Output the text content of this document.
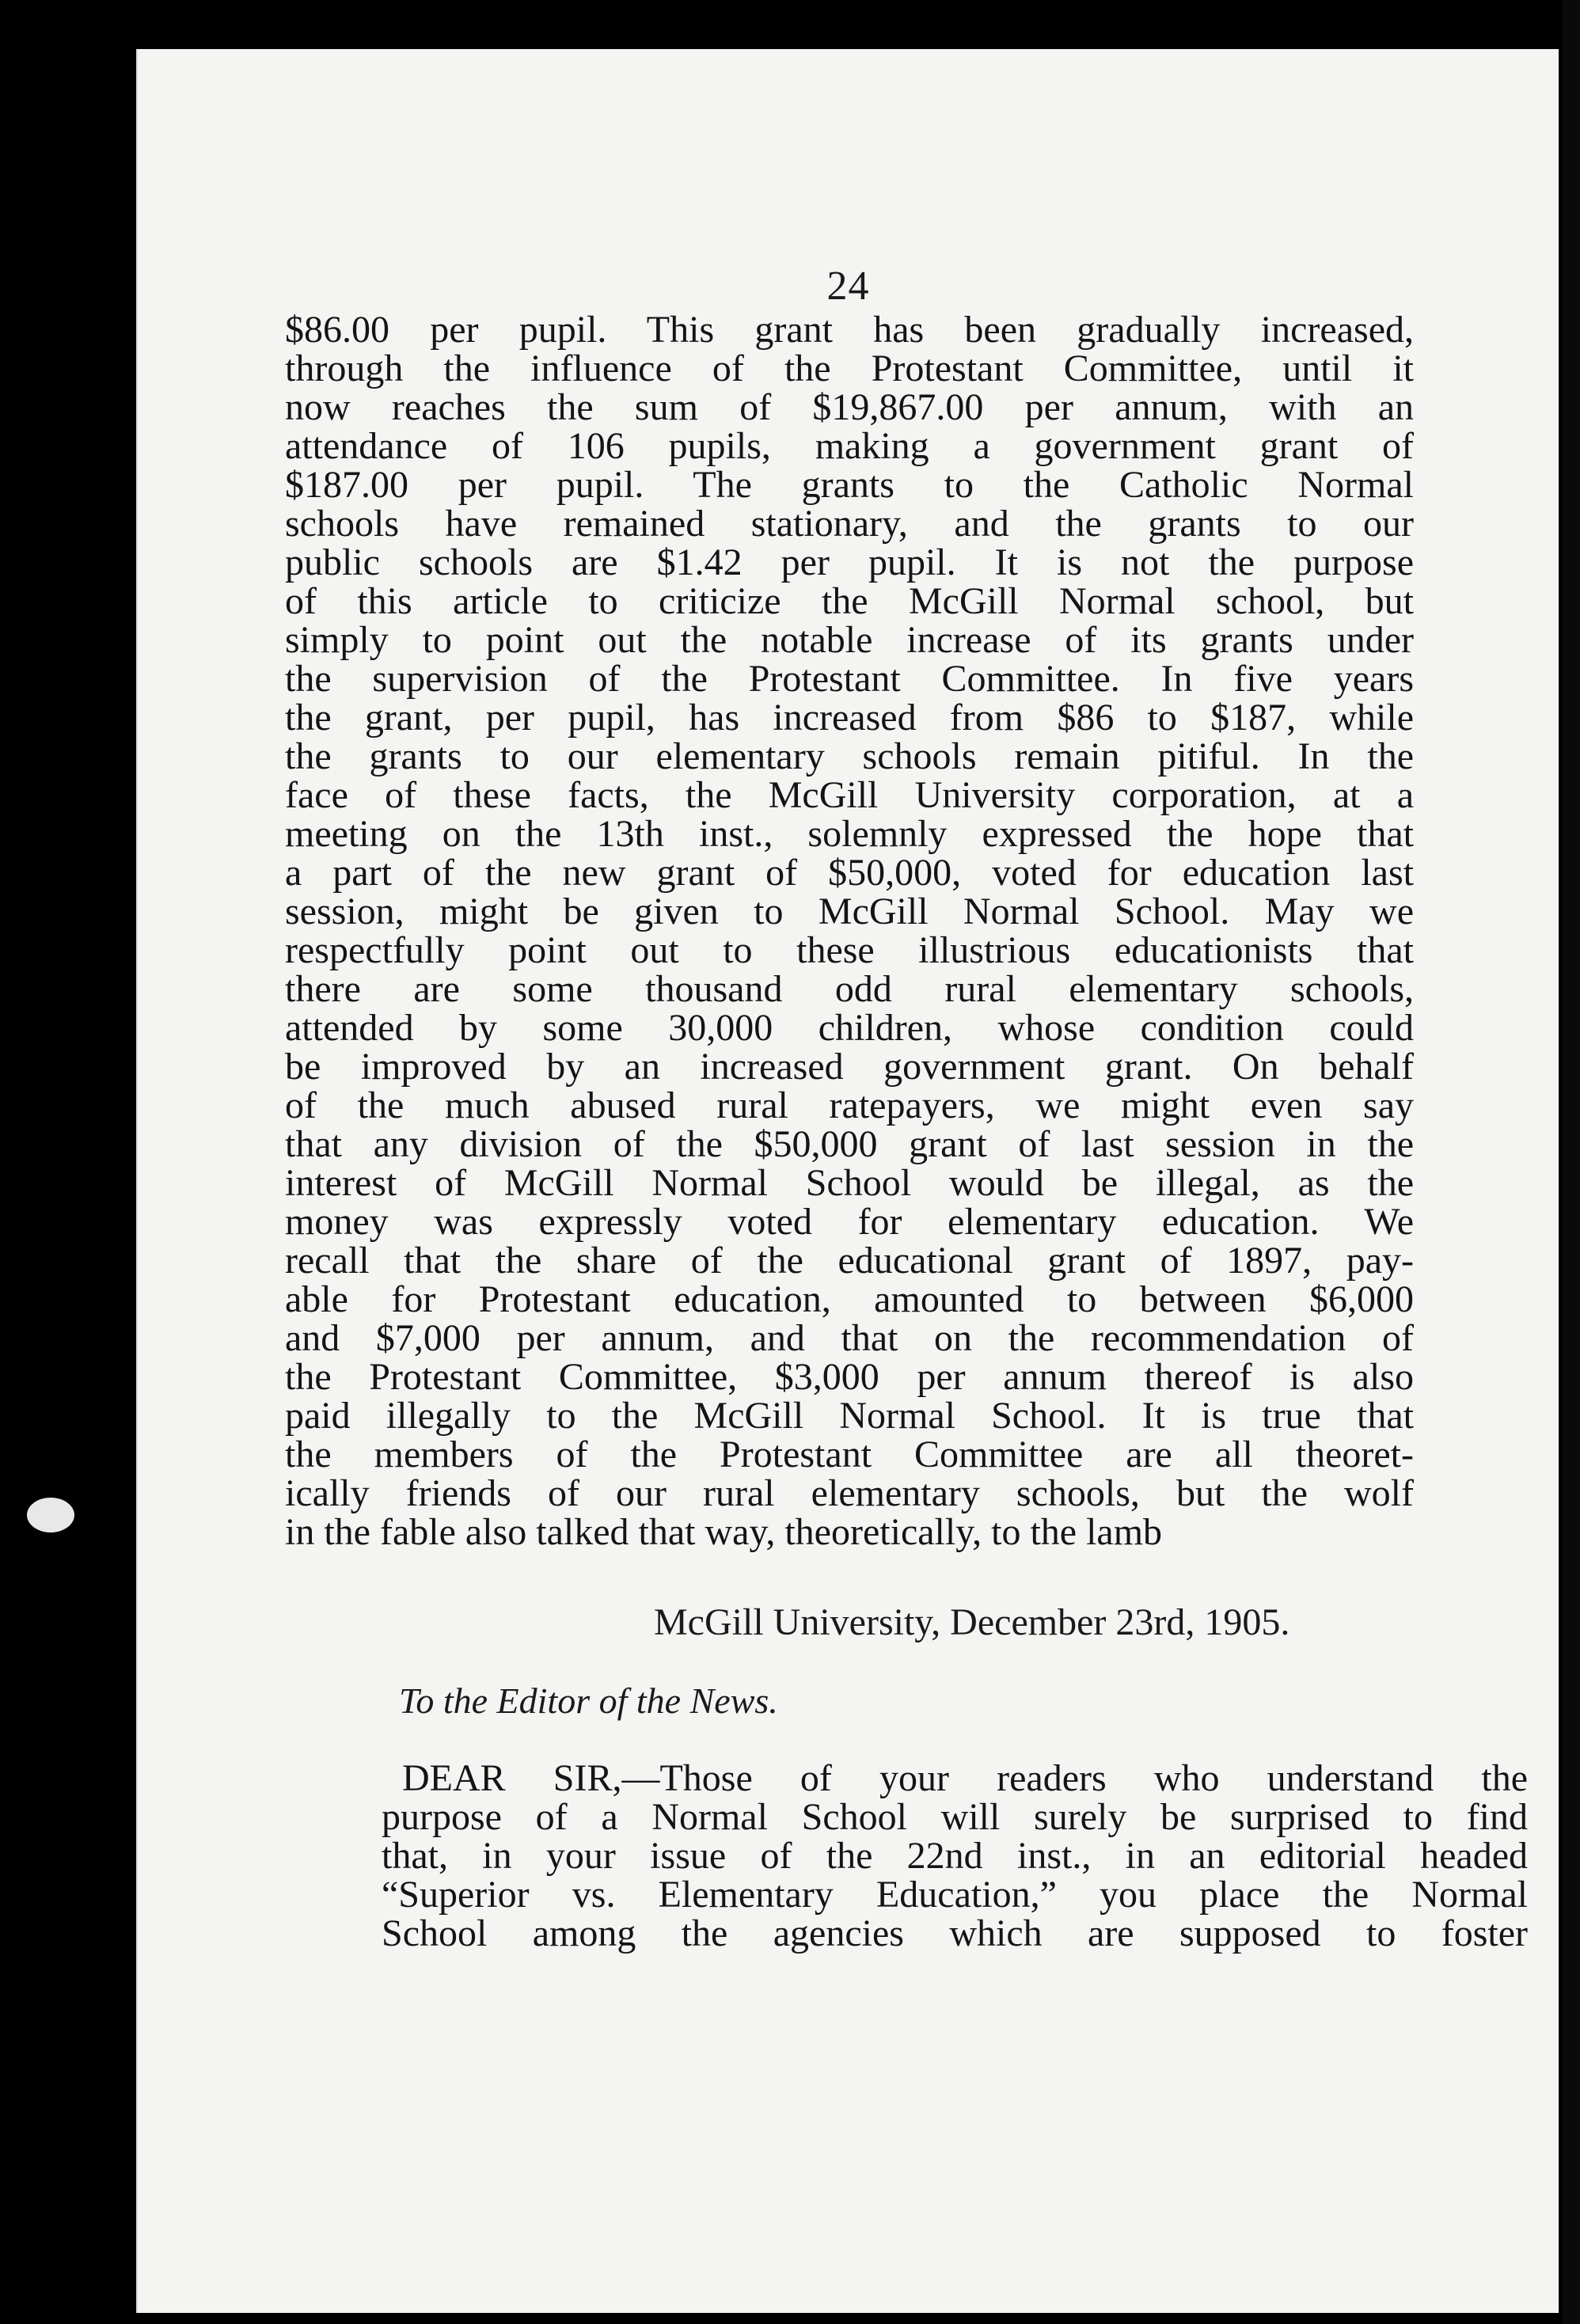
24
$86.00 per pupil. This grant has been gradually increased,
through the influence of the Protestant Committee, until it
now reaches the sum of $19,867.00 per annum, with an
attendance of 106 pupils, making a government grant of
$187.00 per pupil. The grants to the Catholic Normal
schools have remained stationary, and the grants to our
public schools are $1.42 per pupil. It is not the purpose
of this article to criticize the McGill Normal school, but
simply to point out the notable increase of its grants under
the supervision of the Protestant Committee. In five years
the grant, per pupil, has increased from $86 to $187, while
the grants to our elementary schools remain pitiful. In the
face of these facts, the McGill University corporation, at a
meeting on the 13th inst., solemnly expressed the hope that
a part of the new grant of $50,000, voted for education last
session, might be given to McGill Normal School. May we
respectfully point out to these illustrious educationists that
there are some thousand odd rural elementary schools,
attended by some 30,000 children, whose condition could
be improved by an increased government grant. On behalf
of the much abused rural ratepayers, we might even say
that any division of the $50,000 grant of last session in the
interest of McGill Normal School would be illegal, as the
money was expressly voted for elementary education. We
recall that the share of the educational grant of 1897, pay-
able for Protestant education, amounted to between $6,000
and $7,000 per annum, and that on the recommendation of
the Protestant Committee, $3,000 per annum thereof is also
paid illegally to the McGill Normal School. It is true that
the members of the Protestant Committee are all theoret-
ically friends of our rural elementary schools, but the wolf
in the fable also talked that way, theoretically, to the lamb
McGill University, December 23rd, 1905.
To the Editor of the News.
DEAR SIR,—Those of your readers who understand the
purpose of a Normal School will surely be surprised to find
that, in your issue of the 22nd inst., in an editorial headed
“Superior vs. Elementary Education,” you place the Normal
School among the agencies which are supposed to foster
